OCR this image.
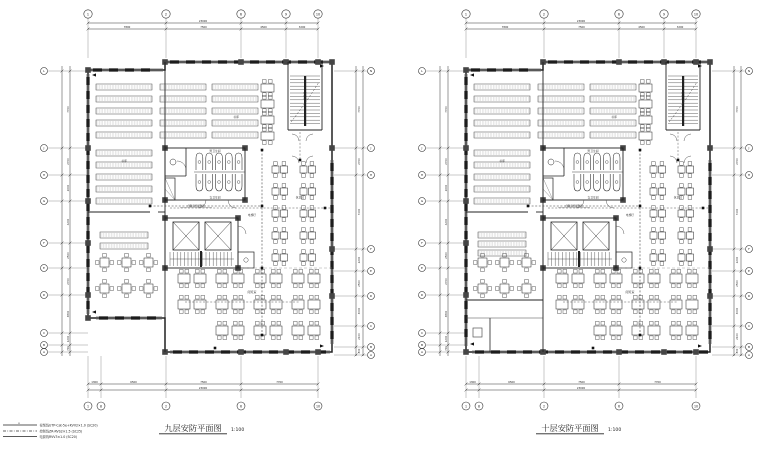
1	2	6	9	10
23000
7800	7500	4500	3200
1	8	2	6	10
23000
1300	6500	7500	7700
L
J
H
G
F
E
D
C
B
A
7700
2700
2600
4200
2500
2700
3800
1200
700
N
J
H
F
E
D
C
B
A
7700
2700
7400
2200
2500
3000
2100
800
书库
书库
男卫生间
女卫生间
楼梯间
电梯厅
阅览室
休息区
线路沿桥架敷设
1	2	6	9	10
23000
7800	7500	4500	3200
1	8	2	6	10
23000
1300	6500	7500	7700
L
J
H
G
F
E
D
C
B
A
7700
2700
2600
4200
2500
2700
3800
1200
700
N
J
H
F
E
D
C
B
A
7700
2700
7400
2200
2500
3000
2100
800
书库
书库
男卫生间
女卫生间
楼梯间
电梯厅
阅览室
休息区
线路沿桥架敷设
九层安防平面图 1:100	十层安防平面图 1:100
v
视频线UTP-Cat-5e+KVV2×1.0 (SC20)
控制线ZR-RVS2×1.5 (SC25)
电源线RVV3×1.0 (SC20)
